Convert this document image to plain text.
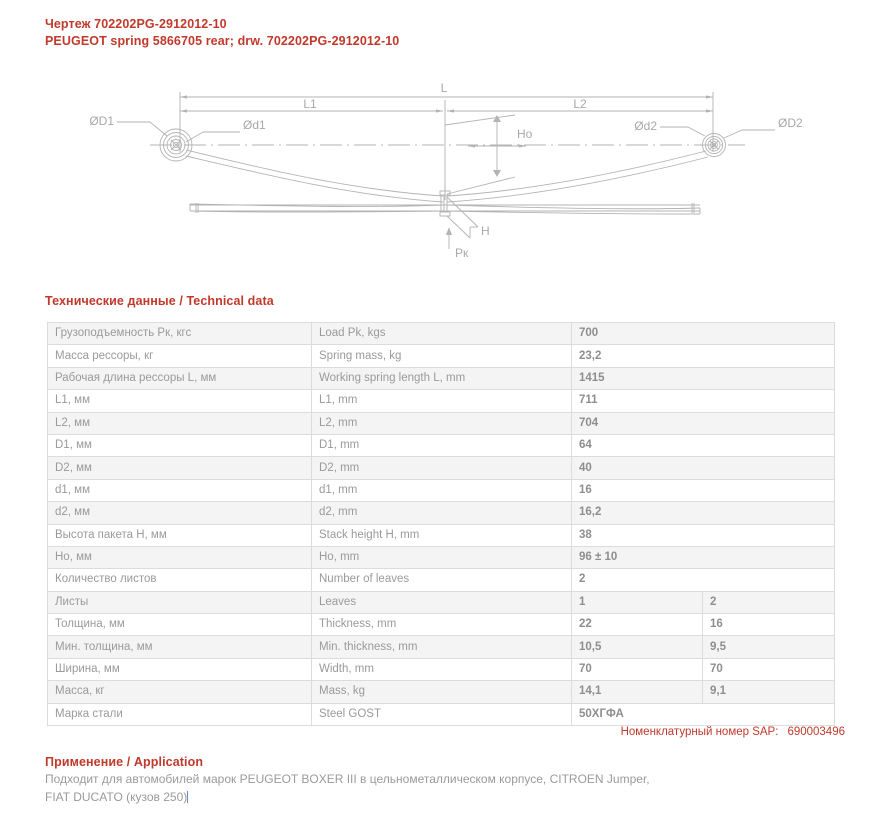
Чертеж 702202PG-2912012-10
PEUGEOT spring 5866705 rear; drw. 702202PG-2912012-10
L
L1	L2
ØD1	Ød1	Ød2	ØD2
Ho
H
Pк
Технические данные / Technical data
Грузоподъемность Pк, кгс	Load Pk, kgs	700	
Масса рессоры, кг	Spring mass, kg	23,2	
Рабочая длина рессоры L, мм	Working spring length L, mm	1415	
L1, мм	L1, mm	711	
L2, мм	L2, mm	704	
D1, мм	D1, mm	64	
D2, мм	D2, mm	40	
d1, мм	d1, mm	16	
d2, мм	d2, mm	16,2	
Высота пакета H, мм	Stack height H, mm	38	
Ho, мм	Ho, mm	96 ± 10	
Количество листов	Number of leaves	2	
Листы	Leaves	1	2
Толщина, мм	Thickness, mm	22	16
Мин. толщина, мм	Min. thickness, mm	10,5	9,5
Ширина, мм	Width, mm	70	70
Масса, кг	Mass, kg	14,1	9,1
Марка стали	Steel GOST	50ХГФА	
Номенклатурный номер SAP: 690003496
Применение / Application
Подходит для автомобилей марок PEUGEOT BOXER III в цельнометаллическом корпусе, CITROEN Jumper,
FIAT DUCATO (кузов 250)
